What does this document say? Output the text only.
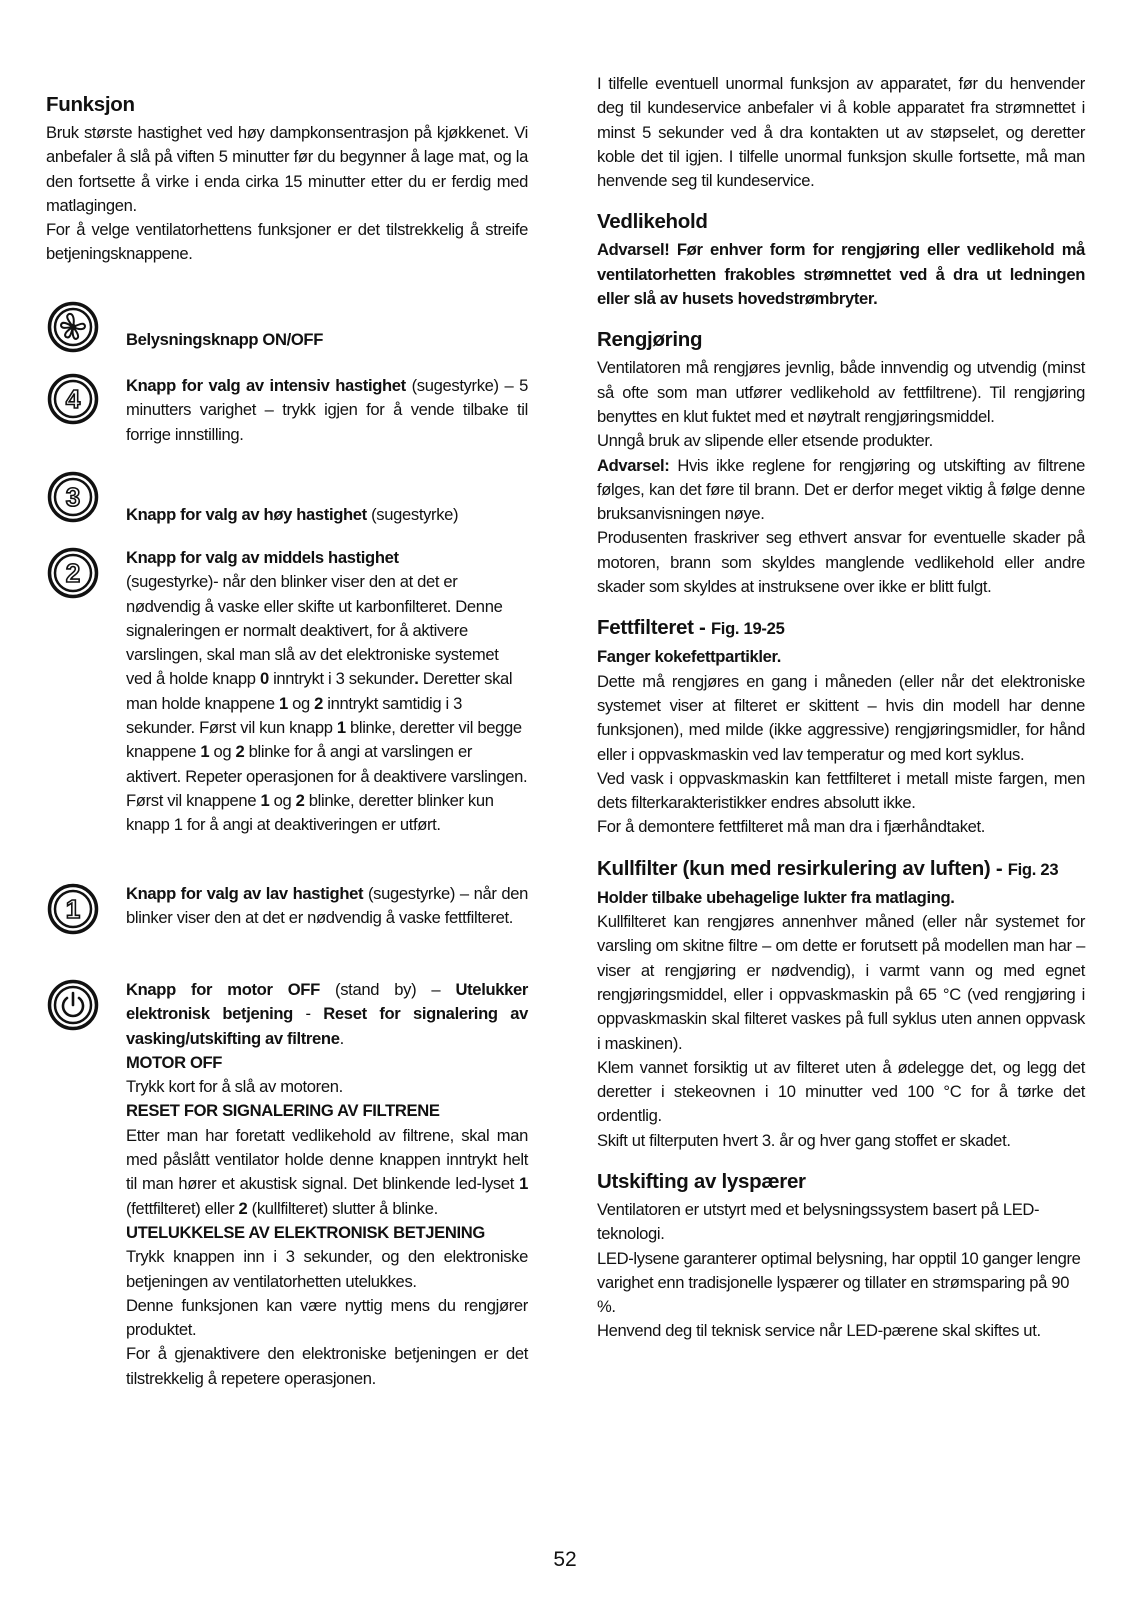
Funksjon

Bruk største hastighet ved høy dampkonsentrasjon på kjøkkenet. Vi anbefaler å slå på viften 5 minutter før du begynner å lage mat, og la den fortsette å virke i enda cirka 15 minutter etter du er ferdig med matlagingen.

For å velge ventilatorhettens funksjoner er det tilstrekkelig å streife betjeningsknappene.

Belysningsknapp ON/OFF

4	Knapp for valg av intensiv hastighet (sugestyrke) – 5 minutters varighet – trykk igjen for å vende tilbake til forrige innstilling.

3

Knapp for valg av høy hastighet (sugestyrke)

2

Knapp for valg av middels hastighet

(sugestyrke)- når den blinker viser den at det er nødvendig å vaske eller skifte ut karbonfilteret. Denne signaleringen er normalt deaktivert, for å aktivere varslingen, skal man slå av det elektroniske systemet ved å holde knapp 0 inntrykt i 3 sekunder. Deretter skal man holde knappene 1 og 2 inntrykt samtidig i 3 sekunder. Først vil kun knapp 1 blinke, deretter vil begge knappene 1 og 2 blinke for å angi at varslingen er aktivert. Repeter operasjonen for å deaktivere varslingen. Først vil knappene 1 og 2 blinke, deretter blinker kun knapp 1 for å angi at deaktiveringen er utført.

1

Knapp for valg av lav hastighet (sugestyrke) – når den blinker viser den at det er nødvendig å vaske fettfilteret.

Knapp for motor OFF (stand by) – Utelukker elektronisk betjening - Reset for signalering av vasking/utskifting av filtrene.

MOTOR OFF

Trykk kort for å slå av motoren.

RESET FOR SIGNALERING AV FILTRENE

Etter man har foretatt vedlikehold av filtrene, skal man med påslått ventilator holde denne knappen inntrykt helt til man hører et akustisk signal. Det blinkende led-lyset 1 (fettfilteret) eller 2 (kullfilteret) slutter å blinke.

UTELUKKELSE AV ELEKTRONISK BETJENING

Trykk knappen inn i 3 sekunder, og den elektroniske betjeningen av ventilatorhetten utelukkes.

Denne funksjonen kan være nyttig mens du rengjører produktet.

For å gjenaktivere den elektroniske betjeningen er det tilstrekkelig å repetere operasjonen.

I tilfelle eventuell unormal funksjon av apparatet, før du henvender deg til kundeservice anbefaler vi å koble apparatet fra strømnettet i minst 5 sekunder ved å dra kontakten ut av støpselet, og deretter koble det til igjen. I tilfelle unormal funksjon skulle fortsette, må man henvende seg til kundeservice.

Vedlikehold

Advarsel! Før enhver form for rengjøring eller vedlikehold må ventilatorhetten frakobles strømnettet ved å dra ut ledningen eller slå av husets hovedstrømbryter.

Rengjøring

Ventilatoren må rengjøres jevnlig, både innvendig og utvendig (minst så ofte som man utfører vedlikehold av fettfiltrene). Til rengjøring benyttes en klut fuktet med et nøytralt rengjøringsmiddel.

Unngå bruk av slipende eller etsende produkter.

Advarsel: Hvis ikke reglene for rengjøring og utskifting av filtrene følges, kan det føre til brann. Det er derfor meget viktig å følge denne bruksanvisningen nøye.

Produsenten fraskriver seg ethvert ansvar for eventuelle skader på motoren, brann som skyldes manglende vedlikehold eller andre skader som skyldes at instruksene over ikke er blitt fulgt.

Fettfilteret - Fig. 19-25

Fanger kokefettpartikler.

Dette må rengjøres en gang i måneden (eller når det elektroniske systemet viser at filteret er skittent – hvis din modell har denne funksjonen), med milde (ikke aggressive) rengjøringsmidler, for hånd eller i oppvaskmaskin ved lav temperatur og med kort syklus.

Ved vask i oppvaskmaskin kan fettfilteret i metall miste fargen, men dets filterkarakteristikker endres absolutt ikke.

For å demontere fettfilteret må man dra i fjærhåndtaket.

Kullfilter (kun med resirkulering av luften) - Fig. 23

Holder tilbake ubehagelige lukter fra matlaging.

Kullfilteret kan rengjøres annenhver måned (eller når systemet for varsling om skitne filtre – om dette er forutsett på modellen man har – viser at rengjøring er nødvendig), i varmt vann og med egnet rengjøringsmiddel, eller i oppvaskmaskin på 65 °C (ved rengjøring i oppvaskmaskin skal filteret vaskes på full syklus uten annen oppvask i maskinen).

Klem vannet forsiktig ut av filteret uten å ødelegge det, og legg det deretter i stekeovnen i 10 minutter ved 100 °C for å tørke det ordentlig.

Skift ut filterputen hvert 3. år og hver gang stoffet er skadet.

Utskifting av lyspærer

Ventilatoren er utstyrt med et belysningssystem basert på LED-teknologi.

LED-lysene garanterer optimal belysning, har opptil 10 ganger lengre varighet enn tradisjonelle lyspærer og tillater en strømsparing på 90 %.

Henvend deg til teknisk service når LED-pærene skal skiftes ut.

52
